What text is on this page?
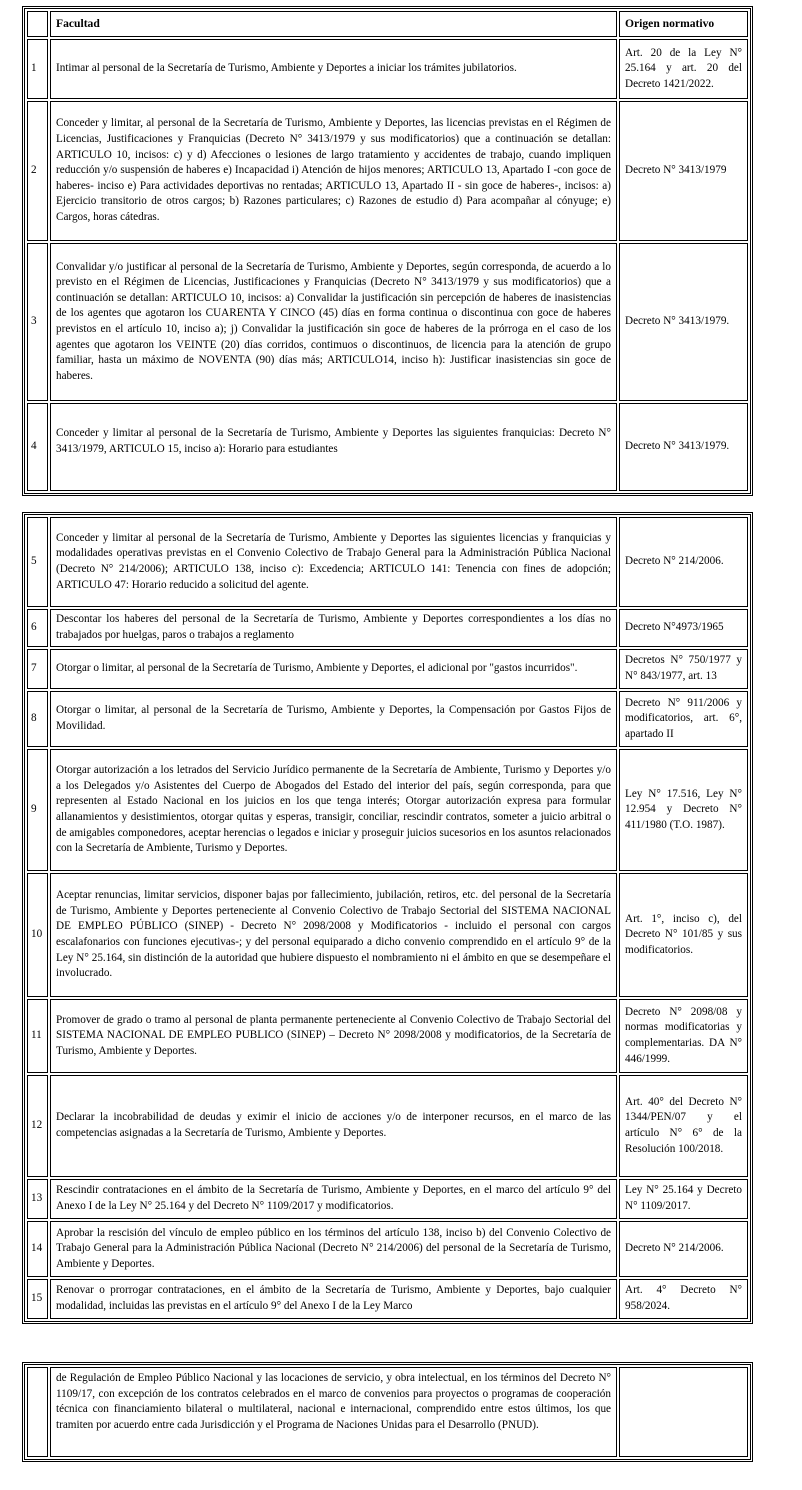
	Facultad	Origen normativo
1	Intimar al personal de la Secretaría de Turismo, Ambiente y Deportes a iniciar los trámites jubilatorios.	Art. 20 de la Ley N° 25.164 y art. 20 del Decreto 1421/2022.
2	Conceder y limitar, al personal de la Secretaría de Turismo, Ambiente y Deportes, las licencias previstas en el Régimen de Licencias, Justificaciones y Franquicias (Decreto N° 3413/1979 y sus modificatorios) que a continuación se detallan: ARTICULO 10, incisos: c) y d) Afecciones o lesiones de largo tratamiento y accidentes de trabajo, cuando impliquen reducción y/o suspensión de haberes e) Incapacidad i) Atención de hijos menores; ARTICULO 13, Apartado I -con goce de haberes- inciso e) Para actividades deportivas no rentadas; ARTICULO 13, Apartado II - sin goce de haberes-, incisos: a) Ejercicio transitorio de otros cargos; b) Razones particulares; c) Razones de estudio d) Para acompañar al cónyuge; e) Cargos, horas cátedras.	Decreto N° 3413/1979
3	Convalidar y/o justificar al personal de la Secretaría de Turismo, Ambiente y Deportes, según corresponda, de acuerdo a lo previsto en el Régimen de Licencias, Justificaciones y Franquicias (Decreto N° 3413/1979 y sus modificatorios) que a continuación se detallan: ARTICULO 10, incisos: a) Convalidar la justificación sin percepción de haberes de inasistencias de los agentes que agotaron los CUARENTA Y CINCO (45) días en forma continua o discontinua con goce de haberes previstos en el artículo 10, inciso a); j) Convalidar la justificación sin goce de haberes de la prórroga en el caso de los agentes que agotaron los VEINTE (20) días corridos, contimuos o discontinuos, de licencia para la atención de grupo familiar, hasta un máximo de NOVENTA (90) días más; ARTICULO14, inciso h): Justificar inasistencias sin goce de haberes.	Decreto N° 3413/1979.
4	Conceder y limitar al personal de la Secretaría de Turismo, Ambiente y Deportes las siguientes franquicias: Decreto N° 3413/1979, ARTICULO 15, inciso a): Horario para estudiantes	Decreto N° 3413/1979.
5	Conceder y limitar al personal de la Secretaría de Turismo, Ambiente y Deportes las siguientes licencias y franquicias y modalidades operativas previstas en el Convenio Colectivo de Trabajo General para la Administración Pública Nacional (Decreto N° 214/2006); ARTICULO 138, inciso c): Excedencia; ARTICULO 141: Tenencia con fines de adopción; ARTICULO 47: Horario reducido a solicitud del agente.	Decreto N° 214/2006.
6	Descontar los haberes del personal de la Secretaría de Turismo, Ambiente y Deportes correspondientes a los días no trabajados por huelgas, paros o trabajos a reglamento	Decreto N°4973/1965
7	Otorgar o limitar, al personal de la Secretaría de Turismo, Ambiente y Deportes, el adicional por "gastos incurridos".	Decretos N° 750/1977 y N° 843/1977, art. 13
8	Otorgar o limitar, al personal de la Secretaría de Turismo, Ambiente y Deportes, la Compensación por Gastos Fijos de Movilidad.	Decreto N° 911/2006 y modificatorios, art. 6°, apartado II
9	Otorgar autorización a los letrados del Servicio Jurídico permanente de la Secretaría de Ambiente, Turismo y Deportes y/o a los Delegados y/o Asistentes del Cuerpo de Abogados del Estado del interior del país, según corresponda, para que representen al Estado Nacional en los juicios en los que tenga interés; Otorgar autorización expresa para formular allanamientos y desistimientos, otorgar quitas y esperas, transigir, conciliar, rescindir contratos, someter a juicio arbitral o de amigables componedores, aceptar herencias o legados e iniciar y proseguir juicios sucesorios en los asuntos relacionados con la Secretaría de Ambiente, Turismo y Deportes.	Ley N° 17.516, Ley N° 12.954 y Decreto N° 411/1980 (T.O. 1987).
10	Aceptar renuncias, limitar servicios, disponer bajas por fallecimiento, jubilación, retiros, etc. del personal de la Secretaría de Turismo, Ambiente y Deportes perteneciente al Convenio Colectivo de Trabajo Sectorial del SISTEMA NACIONAL DE EMPLEO PÚBLICO (SINEP) - Decreto N° 2098/2008 y Modificatorios - incluido el personal con cargos escalafonarios con funciones ejecutivas-; y del personal equiparado a dicho convenio comprendido en el artículo 9° de la Ley N° 25.164, sin distinción de la autoridad que hubiere dispuesto el nombramiento ni el ámbito en que se desempeñare el involucrado.	Art. 1°, inciso c), del Decreto N° 101/85 y sus modificatorios.
11	Promover de grado o tramo al personal de planta permanente perteneciente al Convenio Colectivo de Trabajo Sectorial del SISTEMA NACIONAL DE EMPLEO PUBLICO (SINEP) – Decreto N° 2098/2008 y modificatorios, de la Secretaría de Turismo, Ambiente y Deportes.	Decreto N° 2098/08 y normas modificatorias y complementarias. DA N° 446/1999.
12	Declarar la incobrabilidad de deudas y eximir el inicio de acciones y/o de interponer recursos, en el marco de las competencias asignadas a la Secretaría de Turismo, Ambiente y Deportes.	Art. 40° del Decreto N° 1344/PEN/07 y el artículo N° 6° de la Resolución 100/2018.
13	Rescindir contrataciones en el ámbito de la Secretaría de Turismo, Ambiente y Deportes, en el marco del artículo 9° del Anexo I de la Ley N° 25.164 y del Decreto N° 1109/2017 y modificatorios.	Ley N° 25.164 y Decreto N° 1109/2017.
14	Aprobar la rescisión del vínculo de empleo público en los términos del artículo 138, inciso b) del Convenio Colectivo de Trabajo General para la Administración Pública Nacional (Decreto N° 214/2006) del personal de la Secretaría de Turismo, Ambiente y Deportes.	Decreto N° 214/2006.
15	Renovar o prorrogar contrataciones, en el ámbito de la Secretaría de Turismo, Ambiente y Deportes, bajo cualquier modalidad, incluidas las previstas en el artículo 9° del Anexo I de la Ley Marco	Art. 4° Decreto N° 958/2024.
	de Regulación de Empleo Público Nacional y las locaciones de servicio, y obra intelectual, en los términos del Decreto N° 1109/17, con excepción de los contratos celebrados en el marco de convenios para proyectos o programas de cooperación técnica con financiamiento bilateral o multilateral, nacional e internacional, comprendido entre estos últimos, los que tramiten por acuerdo entre cada Jurisdicción y el Programa de Naciones Unidas para el Desarrollo (PNUD).	
